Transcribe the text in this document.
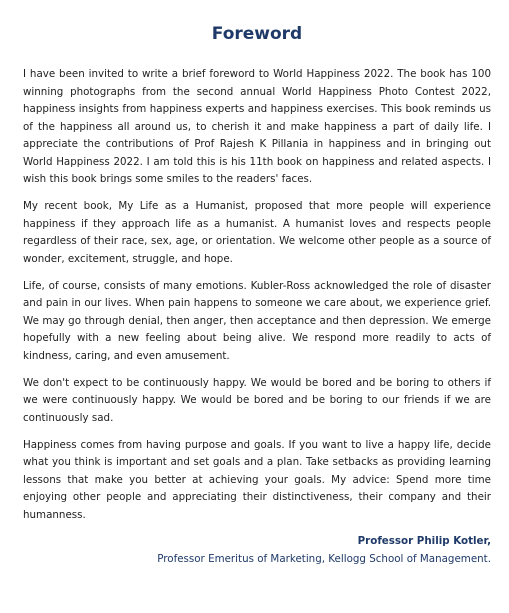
Foreword

I have been invited to write a brief foreword to World Happiness 2022. The book has 100 winning photographs from the second annual World Happiness Photo Contest 2022, happiness insights from happiness experts and happiness exercises. This book reminds us of the happiness all around us, to cherish it and make happiness a part of daily life. I appreciate the contributions of Prof Rajesh K Pillania in happiness and in bringing out World Happiness 2022. I am told this is his 11th book on happiness and related aspects. I wish this book brings some smiles to the readers' faces.

My recent book, My Life as a Humanist, proposed that more people will experience happiness if they approach life as a humanist. A humanist loves and respects people regardless of their race, sex, age, or orientation. We welcome other people as a source of wonder, excitement, struggle, and hope.

Life, of course, consists of many emotions. Kubler-Ross acknowledged the role of disaster and pain in our lives. When pain happens to someone we care about, we experience grief. We may go through denial, then anger, then acceptance and then depression. We emerge hopefully with a new feeling about being alive. We respond more readily to acts of kindness, caring, and even amusement.

We don't expect to be continuously happy. We would be bored and be boring to others if we were continuously happy. We would be bored and be boring to our friends if we are continuously sad.

Happiness comes from having purpose and goals. If you want to live a happy life, decide what you think is important and set goals and a plan. Take setbacks as providing learning lessons that make you better at achieving your goals. My advice: Spend more time enjoying other people and appreciating their distinctiveness, their company and their humanness.

Professor Philip Kotler,

Professor Emeritus of Marketing, Kellogg School of Management.
